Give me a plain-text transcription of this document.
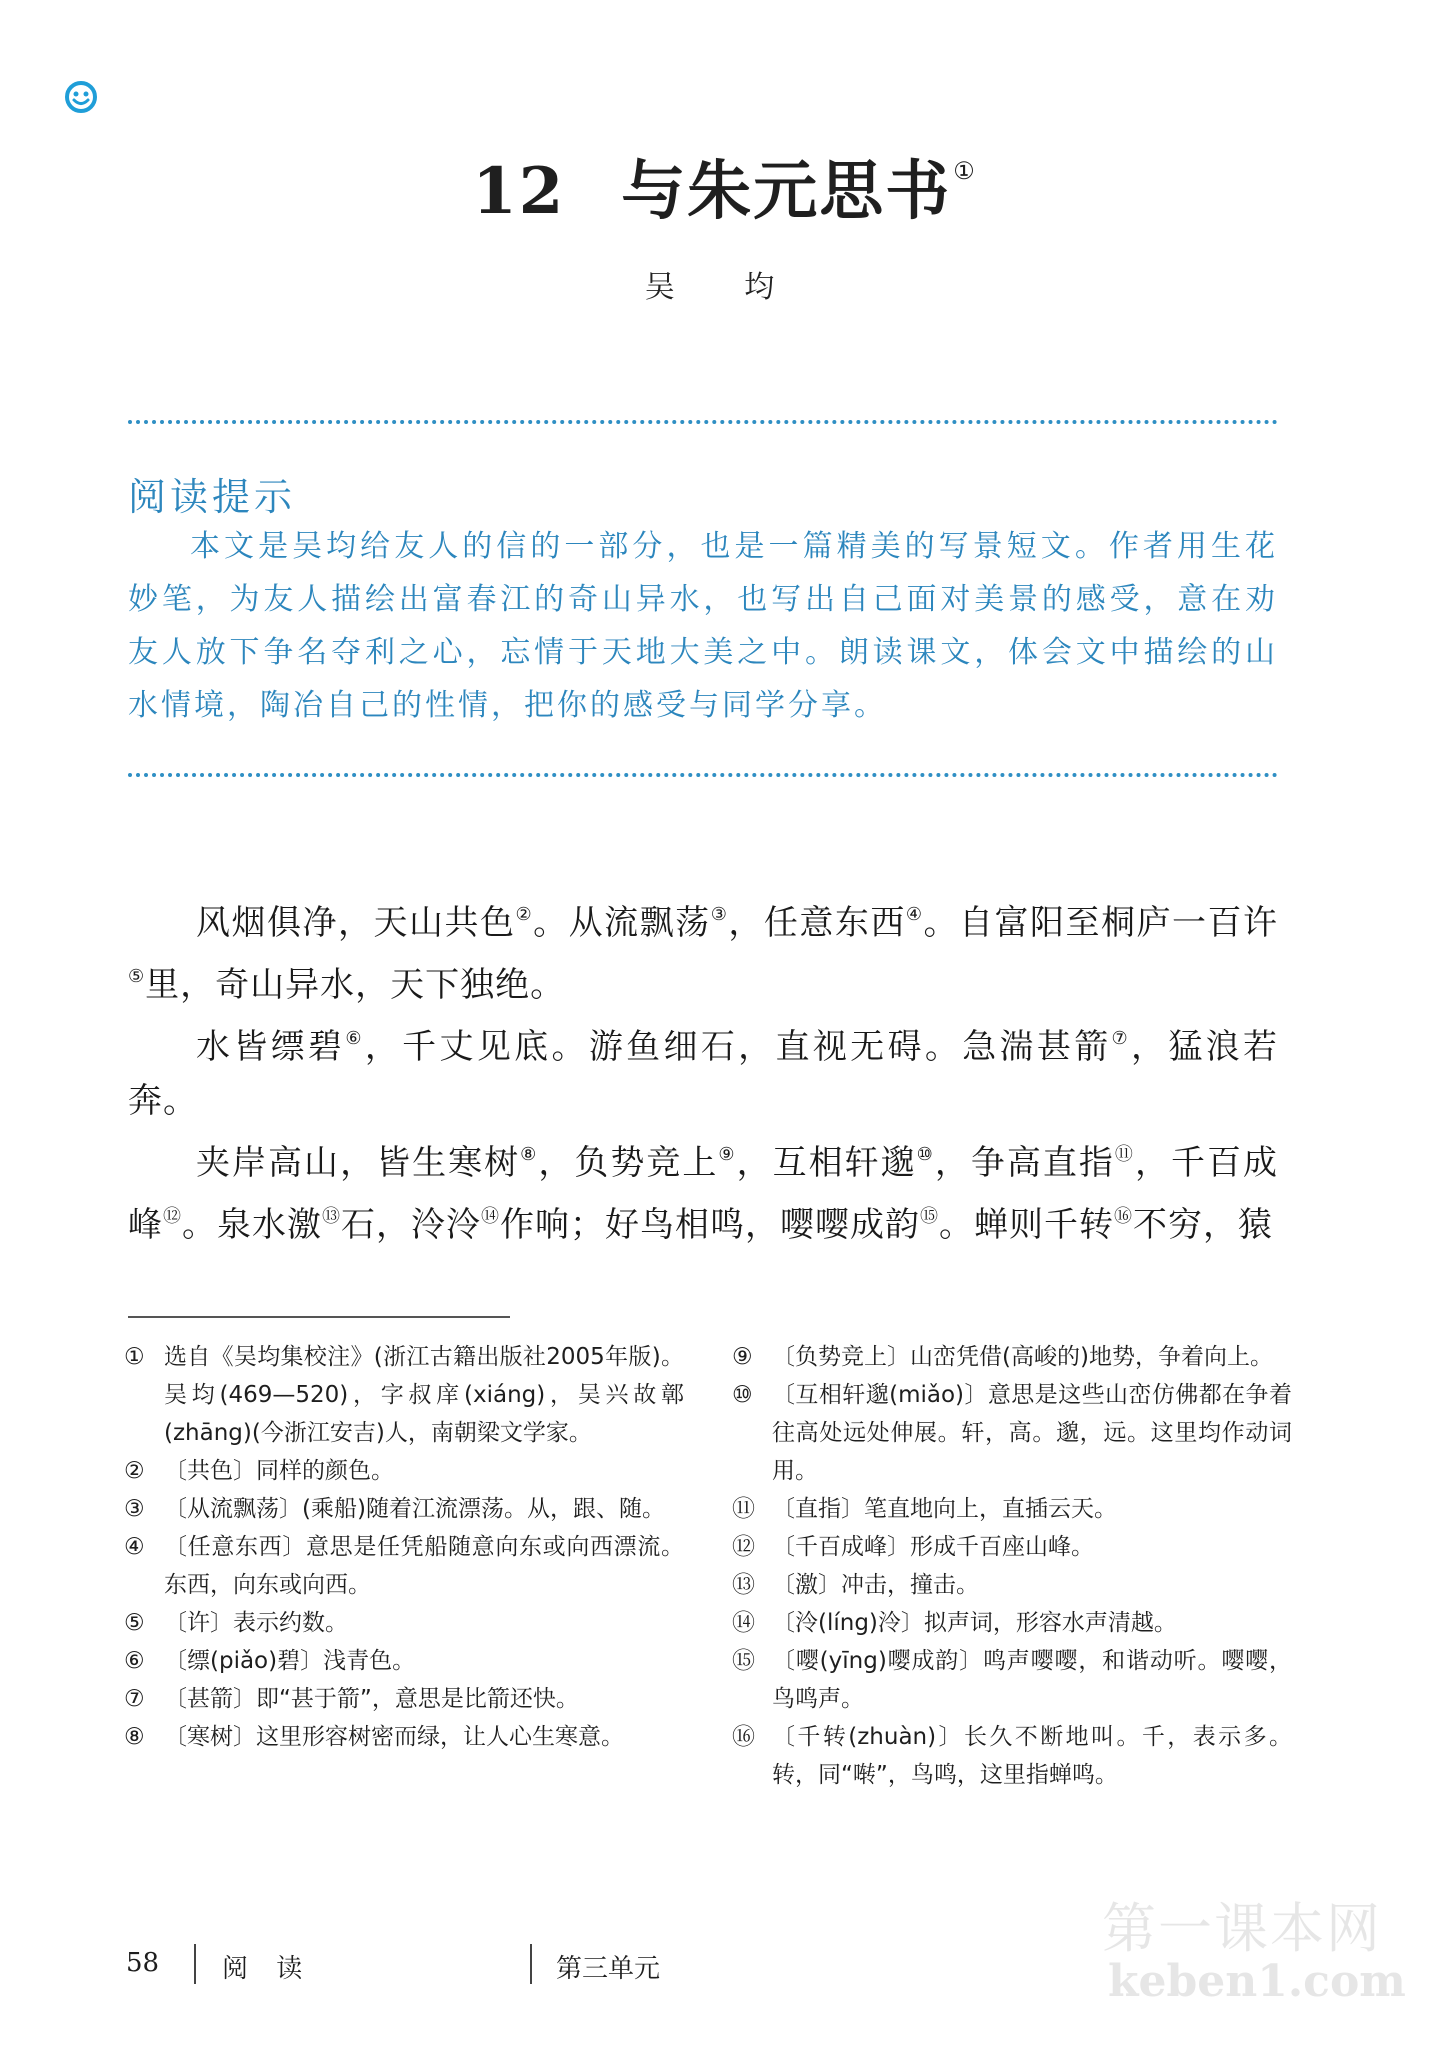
12 与朱元思书①
吴 均
阅读提示
本文是吴均给友人的信的一部分，也是一篇精美的写景短文。作者用生花妙笔，为友人描绘出富春江的奇山异水，也写出自己面对美景的感受，意在劝友人放下争名夺利之心，忘情于天地大美之中。朗读课文，体会文中描绘的山水情境，陶冶自己的性情，把你的感受与同学分享。

风烟俱净，天山共色②。从流飘荡③，任意东西④。自富阳至桐庐一百许⑤里，奇山异水，天下独绝。

水皆缥碧⑥，千丈见底。游鱼细石，直视无碍。急湍甚箭⑦，猛浪若奔。

夹岸高山，皆生寒树⑧，负势竞上⑨，互相轩邈⑩，争高直指⑪，千百成峰⑫。泉水激⑬石，泠泠⑭作响；好鸟相鸣，嘤嘤成韵⑮。蝉则千转⑯不穷，猿

① 选自《吴均集校注》(浙江古籍出版社2005年版)。吴均(469—520)，字叔庠(xiáng)，吴兴故鄣(zhāng)(今浙江安吉)人，南朝梁文学家。
② 〔共色〕同样的颜色。
③ 〔从流飘荡〕(乘船)随着江流漂荡。从，跟、随。
④ 〔任意东西〕意思是任凭船随意向东或向西漂流。东西，向东或向西。
⑤ 〔许〕表示约数。
⑥ 〔缥(piǎo)碧〕浅青色。
⑦ 〔甚箭〕即“甚于箭”，意思是比箭还快。
⑧ 〔寒树〕这里形容树密而绿，让人心生寒意。
⑨ 〔负势竞上〕山峦凭借(高峻的)地势，争着向上。
⑩ 〔互相轩邈(miǎo)〕意思是这些山峦仿佛都在争着往高处远处伸展。轩，高。邈，远。这里均作动词用。
⑪ 〔直指〕笔直地向上，直插云天。
⑫ 〔千百成峰〕形成千百座山峰。
⑬ 〔激〕冲击，撞击。
⑭ 〔泠(líng)泠〕拟声词，形容水声清越。
⑮ 〔嘤(yīng)嘤成韵〕鸣声嘤嘤，和谐动听。嘤嘤，鸟鸣声。
⑯ 〔千转(zhuàn)〕长久不断地叫。千，表示多。转，同“啭”，鸟鸣，这里指蝉鸣。
58 阅 读	第三单元
第一课本网
keben1.com
